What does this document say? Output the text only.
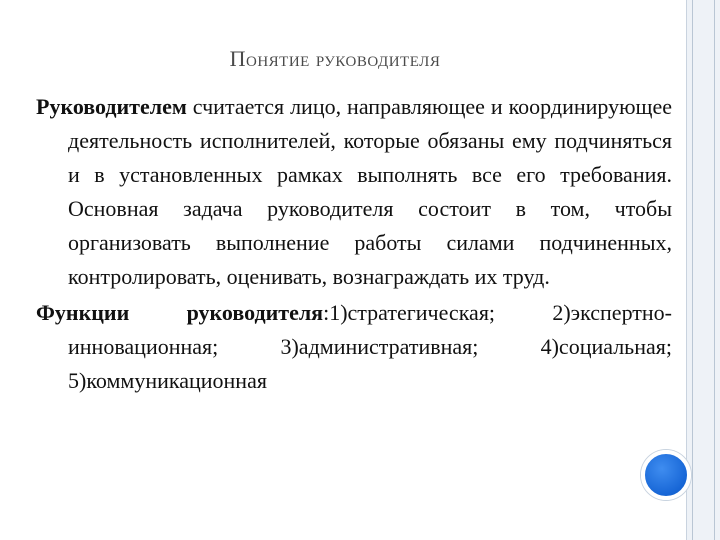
Понятие руководителя

Руководителем считается лицо, направляющее и координирующее деятельность исполнителей, которые обязаны ему подчиняться и в установленных рамках выполнять все его требования. Основная задача руководителя состоит в том, чтобы организовать выполнение работы силами подчиненных, контролировать, оценивать, вознаграждать их труд.

Функции руководителя:1)стратегическая; 2)экспертно-инновационная; 3)административная; 4)социальная; 5)коммуникационная
